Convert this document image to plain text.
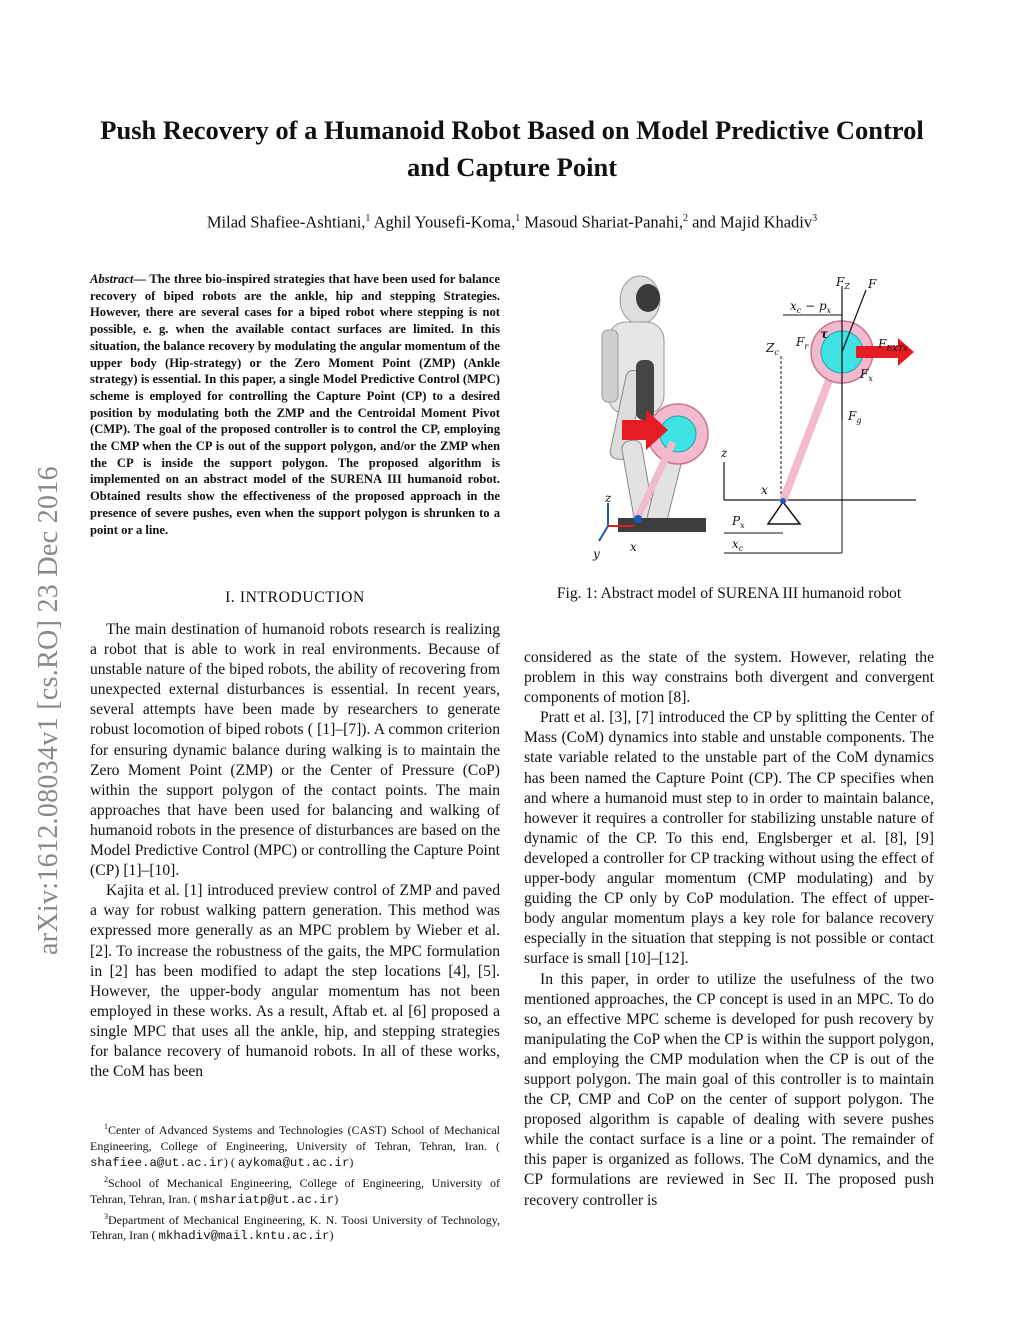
arXiv:1612.08034v1 [cs.RO] 23 Dec 2016
Push Recovery of a Humanoid Robot Based on Model Predictive Control and Capture Point
Milad Shafiee-Ashtiani,$^1$ Aghil Yousefi-Koma,$^1$ Masoud Shariat-Panahi,$^2$ and Majid Khadiv$^3$
Abstract— The three bio-inspired strategies that have been used for balance recovery of biped robots are the ankle, hip and stepping Strategies. However, there are several cases for a biped robot where stepping is not possible, e. g. when the available contact surfaces are limited. In this situation, the balance recovery by modulating the angular momentum of the upper body (Hip-strategy) or the Zero Moment Point (ZMP) (Ankle strategy) is essential. In this paper, a single Model Predictive Control (MPC) scheme is employed for controlling the Capture Point (CP) to a desired position by modulating both the ZMP and the Centroidal Moment Pivot (CMP). The goal of the proposed controller is to control the CP, employing the CMP when the CP is out of the support polygon, and/or the ZMP when the CP is inside the support polygon. The proposed algorithm is implemented on an abstract model of the SURENA III humanoid robot. Obtained results show the effectiveness of the proposed approach in the presence of severe pushes, even when the support polygon is shrunken to a point or a line.
I. INTRODUCTION

The main destination of humanoid robots research is realizing a robot that is able to work in real environments. Because of unstable nature of the biped robots, the ability of recovering from unexpected external disturbances is essential. In recent years, several attempts have been made by researchers to generate robust locomotion of biped robots ( [1]–[7]). A common criterion for ensuring dynamic balance during walking is to maintain the Zero Moment Point (ZMP) or the Center of Pressure (CoP) within the support polygon of the contact points. The main approaches that have been used for balancing and walking of humanoid robots in the presence of disturbances are based on the Model Predictive Control (MPC) or controlling the Capture Point (CP) [1]–[10].

Kajita et al. [1] introduced preview control of ZMP and paved a way for robust walking pattern generation. This method was expressed more generally as an MPC problem by Wieber et al. [2]. To increase the robustness of the gaits, the MPC formulation in [2] has been modified to adapt the step locations [4], [5]. However, the upper-body angular momentum has not been employed in these works. As a result, Aftab et. al [6] proposed a single MPC that uses all the ankle, hip, and stepping strategies for balance recovery of humanoid robots. In all of these works, the CoM has been

$^1$Center of Advanced Systems and Technologies (CAST) School of Mechanical Engineering, College of Engineering, University of Tehran, Tehran, Iran. ( shafiee.a@ut.ac.ir) ( aykoma@ut.ac.ir)

$^2$School of Mechanical Engineering, College of Engineering, University of Tehran, Tehran, Iran. ( mshariatp@ut.ac.ir)

$^3$Department of Mechanical Engineering, K. N. Toosi University of Technology, Tehran, Iran ( mkhadiv@mail.kntu.ac.ir)

z
x
y
z
x
$F_Z$ F
$x_c - p_x$
$Z_c$
$F_r$
τ
$F_{EXTx}$
$F_x$
$F_g$
$P_x$
$x_c$
Fig. 1: Abstract model of SURENA III humanoid robot

considered as the state of the system. However, relating the problem in this way constrains both divergent and convergent components of motion [8].

Pratt et al. [3], [7] introduced the CP by splitting the Center of Mass (CoM) dynamics into stable and unstable components. The state variable related to the unstable part of the CoM dynamics has been named the Capture Point (CP). The CP specifies when and where a humanoid must step to in order to maintain balance, however it requires a controller for stabilizing unstable nature of dynamic of the CP. To this end, Englsberger et al. [8], [9] developed a controller for CP tracking without using the effect of upper-body angular momentum (CMP modulating) and by guiding the CP only by CoP modulation. The effect of upper-body angular momentum plays a key role for balance recovery especially in the situation that stepping is not possible or contact surface is small [10]–[12].

In this paper, in order to utilize the usefulness of the two mentioned approaches, the CP concept is used in an MPC. To do so, an effective MPC scheme is developed for push recovery by manipulating the CoP when the CP is within the support polygon, and employing the CMP modulation when the CP is out of the support polygon. The main goal of this controller is to maintain the CP, CMP and CoP on the center of support polygon. The proposed algorithm is capable of dealing with severe pushes while the contact surface is a line or a point. The remainder of this paper is organized as follows. The CoM dynamics, and the CP formulations are reviewed in Sec II. The proposed push recovery controller is
